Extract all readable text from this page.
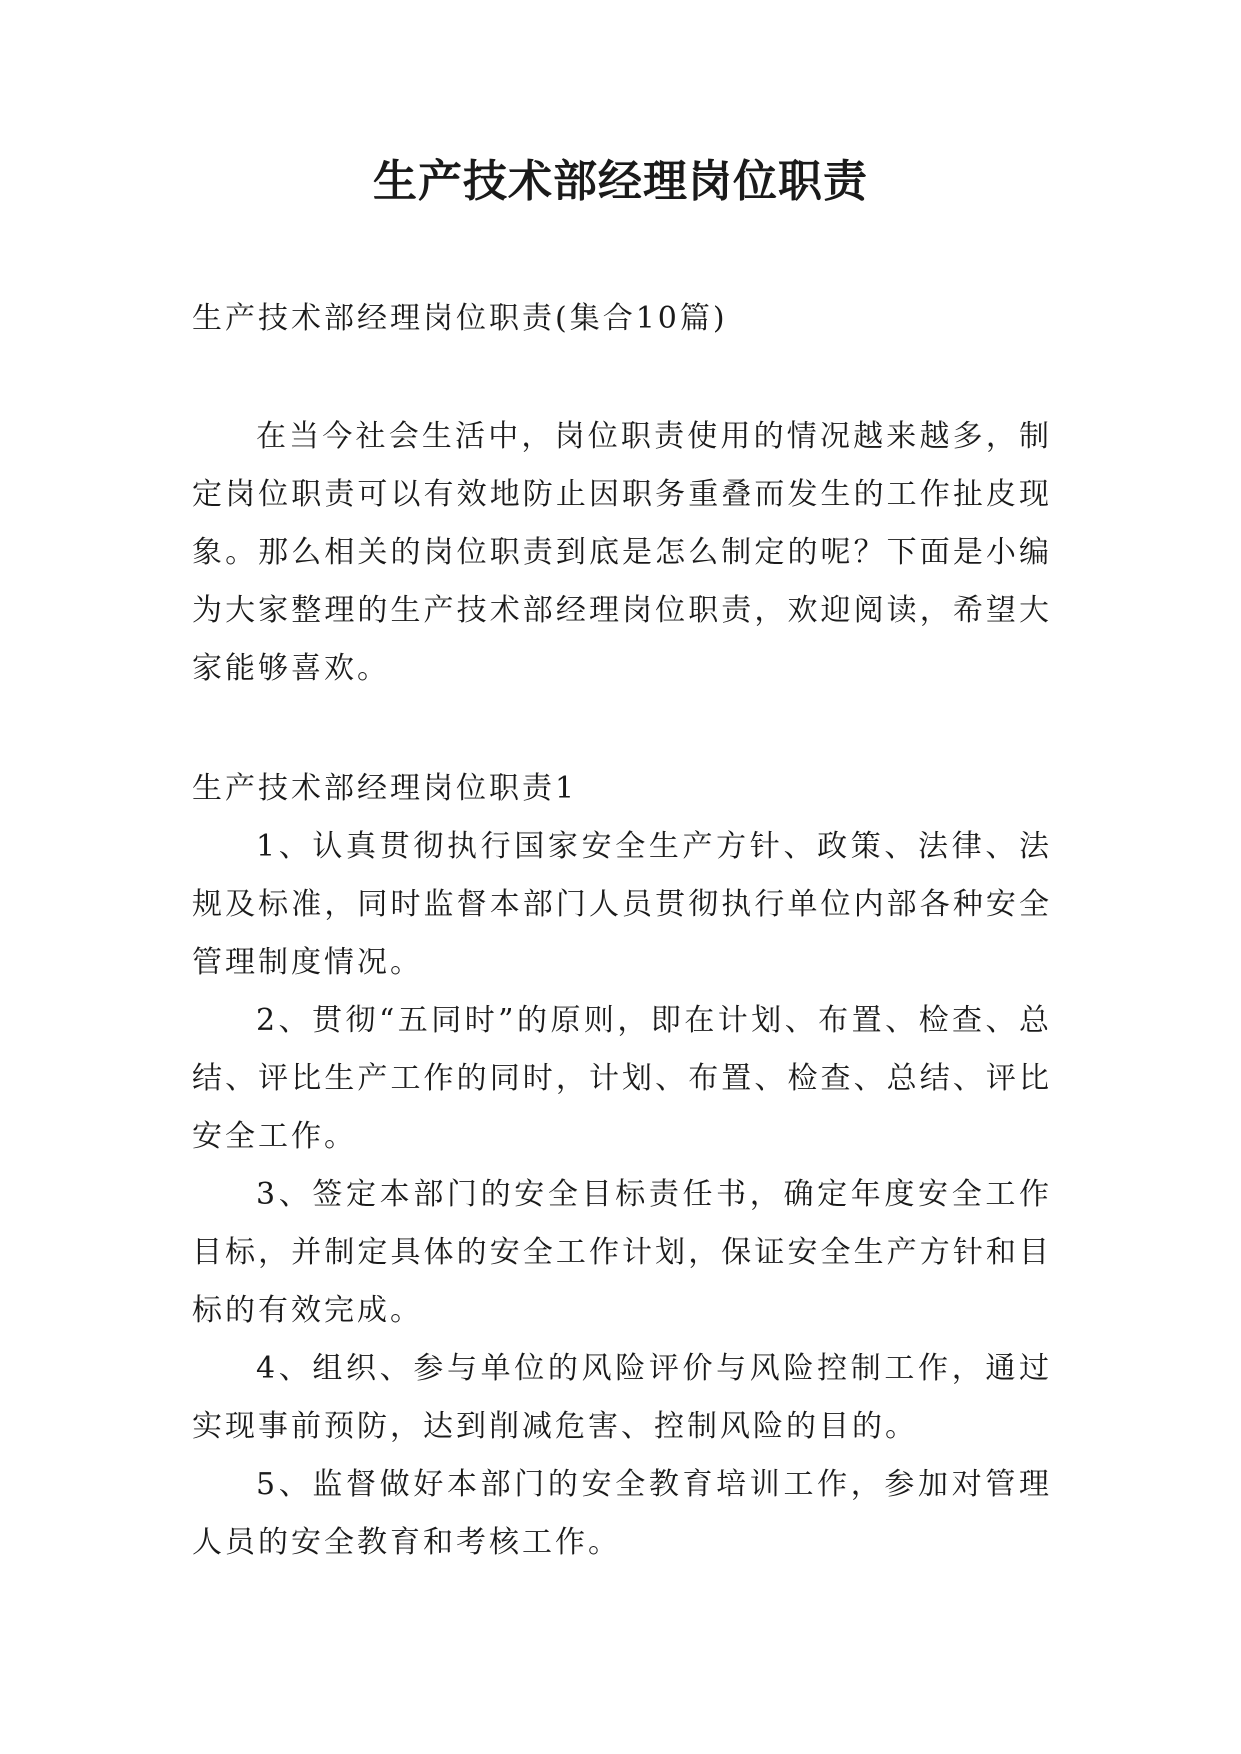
生产技术部经理岗位职责

生产技术部经理岗位职责(集合10篇)

在当今社会生活中，岗位职责使用的情况越来越多，制定岗位职责可以有效地防止因职务重叠而发生的工作扯皮现象。那么相关的岗位职责到底是怎么制定的呢？下面是小编为大家整理的生产技术部经理岗位职责，欢迎阅读，希望大家能够喜欢。

生产技术部经理岗位职责1

1、认真贯彻执行国家安全生产方针、政策、法律、法规及标准，同时监督本部门人员贯彻执行单位内部各种安全管理制度情况。

2、贯彻“五同时”的原则，即在计划、布置、检查、总结、评比生产工作的同时，计划、布置、检查、总结、评比安全工作。

3、签定本部门的安全目标责任书，确定年度安全工作目标，并制定具体的安全工作计划，保证安全生产方针和目标的有效完成。

4、组织、参与单位的风险评价与风险控制工作，通过实现事前预防，达到削减危害、控制风险的目的。

5、监督做好本部门的安全教育培训工作，参加对管理人员的安全教育和考核工作。
